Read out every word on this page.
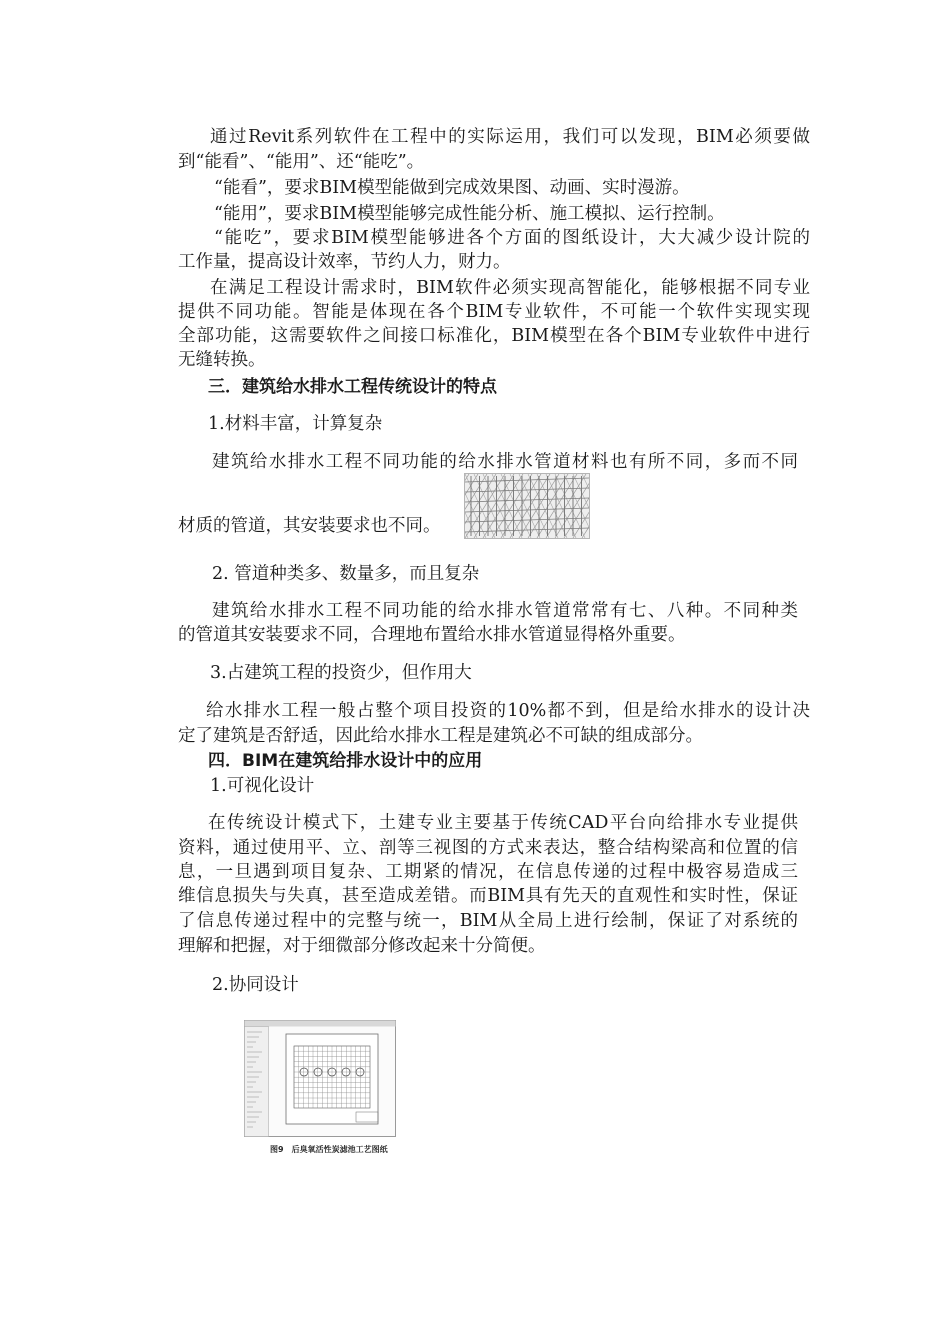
通过Revit系列软件在工程中的实际运用，我们可以发现，BIM必须要做
到“能看”、“能用”、还“能吃”。
“能看”，要求BIM模型能做到完成效果图、动画、实时漫游。
“能用”，要求BIM模型能够完成性能分析、施工模拟、运行控制。
“能吃”，要求BIM模型能够进各个方面的图纸设计，大大减少设计院的
工作量，提高设计效率，节约人力，财力。
在满足工程设计需求时，BIM软件必须实现高智能化，能够根据不同专业
提供不同功能。智能是体现在各个BIM专业软件，不可能一个软件实现实现
全部功能，这需要软件之间接口标准化，BIM模型在各个BIM专业软件中进行
无缝转换。
三．建筑给水排水工程传统设计的特点
1.材料丰富，计算复杂
建筑给水排水工程不同功能的给水排水管道材料也有所不同，多而不同
材质的管道，其安装要求也不同。
2. 管道种类多、数量多，而且复杂
建筑给水排水工程不同功能的给水排水管道常常有七、八种。不同种类
的管道其安装要求不同，合理地布置给水排水管道显得格外重要。
3.占建筑工程的投资少，但作用大
给水排水工程一般占整个项目投资的10%都不到，但是给水排水的设计决
定了建筑是否舒适，因此给水排水工程是建筑必不可缺的组成部分。
四．BIM在建筑给排水设计中的应用
1.可视化设计
在传统设计模式下，土建专业主要基于传统CAD平台向给排水专业提供
资料，通过使用平、立、剖等三视图的方式来表达，整合结构梁高和位置的信
息，一旦遇到项目复杂、工期紧的情况，在信息传递的过程中极容易造成三
维信息损失与失真，甚至造成差错。而BIM具有先天的直观性和实时性，保证
了信息传递过程中的完整与统一，BIM从全局上进行绘制，保证了对系统的
理解和把握，对于细微部分修改起来十分简便。
2.协同设计
图9　后臭氧活性炭滤池工艺图纸
